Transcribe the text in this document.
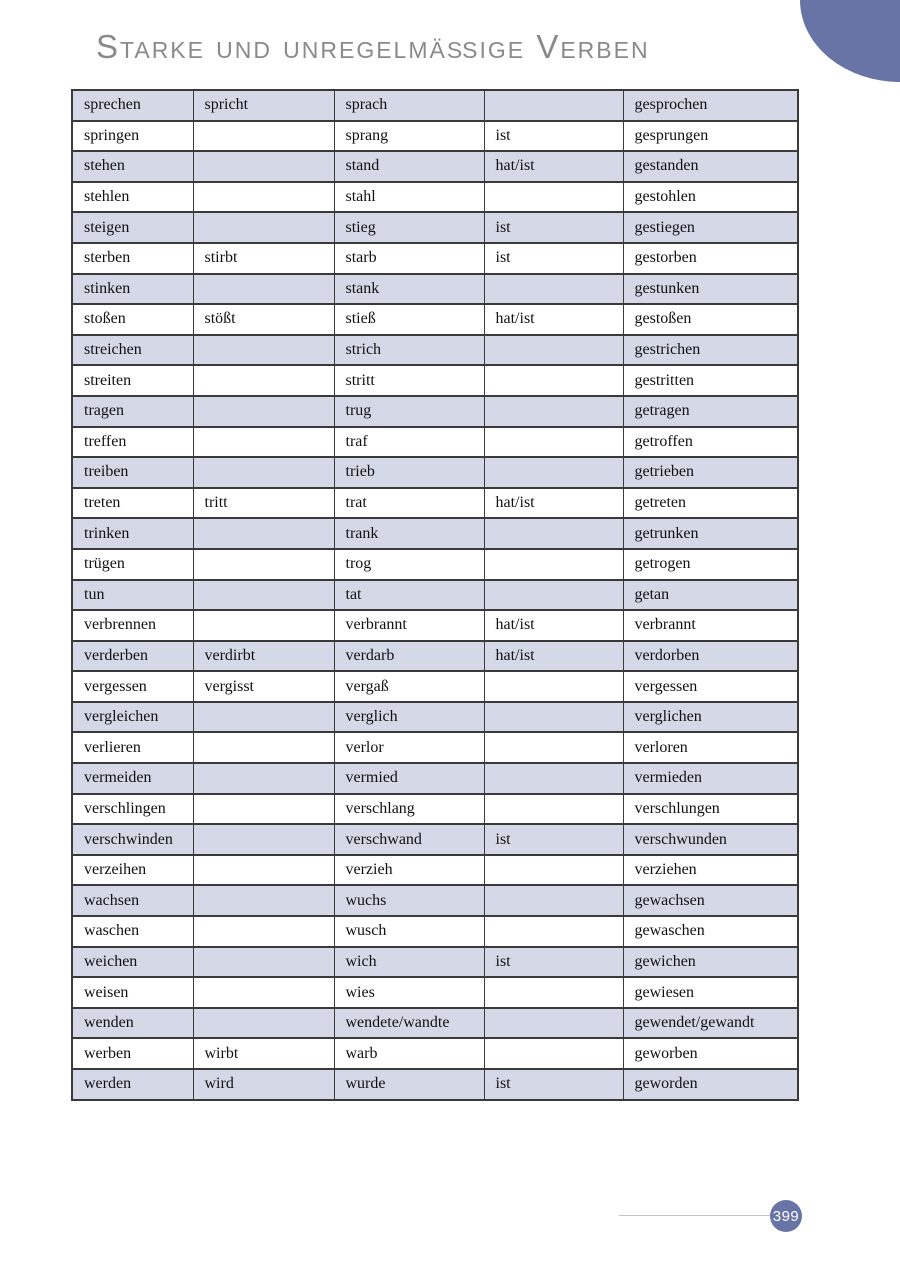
Starke und unregelmäßige Verben
sprechen	spricht	sprach		gesprochen
springen		sprang	ist	gesprungen
stehen		stand	hat/ist	gestanden
stehlen		stahl		gestohlen
steigen		stieg	ist	gestiegen
sterben	stirbt	starb	ist	gestorben
stinken		stank		gestunken
stoßen	stößt	stieß	hat/ist	gestoßen
streichen		strich		gestrichen
streiten		stritt		gestritten
tragen		trug		getragen
treffen		traf		getroffen
treiben		trieb		getrieben
treten	tritt	trat	hat/ist	getreten
trinken		trank		getrunken
trügen		trog		getrogen
tun		tat		getan
verbrennen		verbrannt	hat/ist	verbrannt
verderben	verdirbt	verdarb	hat/ist	verdorben
vergessen	vergisst	vergaß		vergessen
vergleichen		verglich		verglichen
verlieren		verlor		verloren
vermeiden		vermied		vermieden
verschlingen		verschlang		verschlungen
verschwinden		verschwand	ist	verschwunden
verzeihen		verzieh		verziehen
wachsen		wuchs		gewachsen
waschen		wusch		gewaschen
weichen		wich	ist	gewichen
weisen		wies		gewiesen
wenden		wendete/wandte		gewendet/gewandt
werben	wirbt	warb		geworben
werden	wird	wurde	ist	geworden
399
